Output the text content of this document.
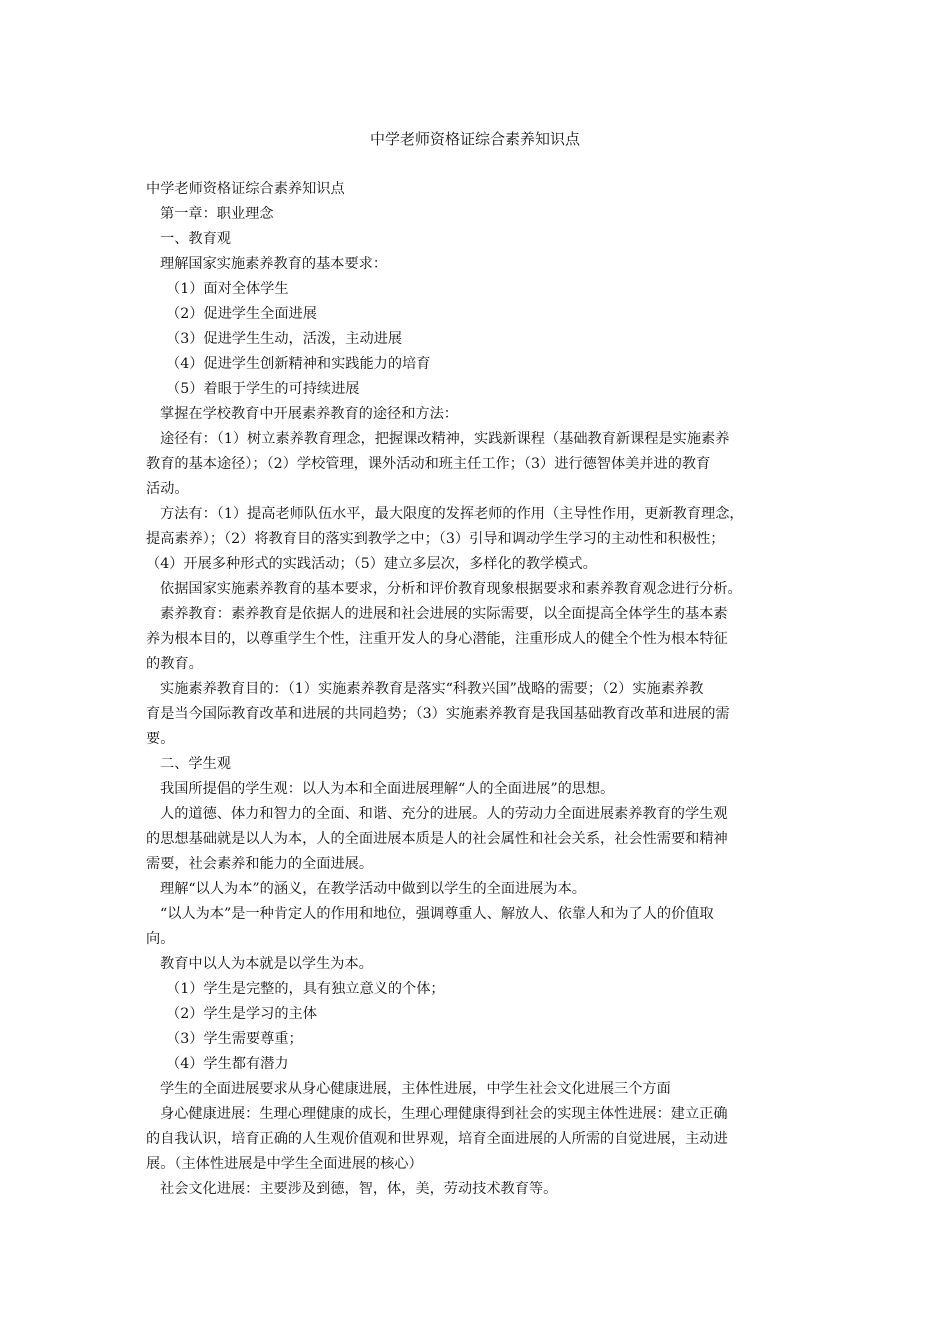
中学老师资格证综合素养知识点

中学老师资格证综合素养知识点

第一章：职业理念

一、教育观

理解国家实施素养教育的基本要求：

（1）面对全体学生

（2）促进学生全面进展

（3）促进学生生动，活泼，主动进展

（4）促进学生创新精神和实践能力的培育

（5）着眼于学生的可持续进展

掌握在学校教育中开展素养教育的途径和方法：

途径有：（1）树立素养教育理念，把握课改精神，实践新课程（基础教育新课程是实施素养

教育的基本途径）；（2）学校管理，课外活动和班主任工作；（3）进行德智体美并进的教育

活动。

方法有：（1）提高老师队伍水平，最大限度的发挥老师的作用（主导性作用，更新教育理念，

提高素养）；（2）将教育目的落实到教学之中；（3）引导和调动学生学习的主动性和积极性；

（4）开展多种形式的实践活动；（5）建立多层次，多样化的教学模式。

依据国家实施素养教育的基本要求，分析和评价教育现象根据要求和素养教育观念进行分析。

素养教育：素养教育是依据人的进展和社会进展的实际需要，以全面提高全体学生的基本素

养为根本目的，以尊重学生个性，注重开发人的身心潜能，注重形成人的健全个性为根本特征

的教育。

实施素养教育目的：（1）实施素养教育是落实“科教兴国”战略的需要；（2）实施素养教

育是当今国际教育改革和进展的共同趋势；（3）实施素养教育是我国基础教育改革和进展的需

要。

二、学生观

我国所提倡的学生观：以人为本和全面进展理解“人的全面进展”的思想。

人的道德、体力和智力的全面、和谐、充分的进展。人的劳动力全面进展素养教育的学生观

的思想基础就是以人为本，人的全面进展本质是人的社会属性和社会关系，社会性需要和精神

需要，社会素养和能力的全面进展。

理解“以人为本”的涵义，在教学活动中做到以学生的全面进展为本。

“以人为本”是一种肯定人的作用和地位，强调尊重人、解放人、依靠人和为了人的价值取

向。

教育中以人为本就是以学生为本。

（1）学生是完整的，具有独立意义的个体；

（2）学生是学习的主体

（3）学生需要尊重；

（4）学生都有潜力

学生的全面进展要求从身心健康进展，主体性进展，中学生社会文化进展三个方面

身心健康进展：生理心理健康的成长，生理心理健康得到社会的实现主体性进展：建立正确

的自我认识，培育正确的人生观价值观和世界观，培育全面进展的人所需的自觉进展，主动进

展。（主体性进展是中学生全面进展的核心）

社会文化进展：主要涉及到德，智，体，美，劳动技术教育等。
